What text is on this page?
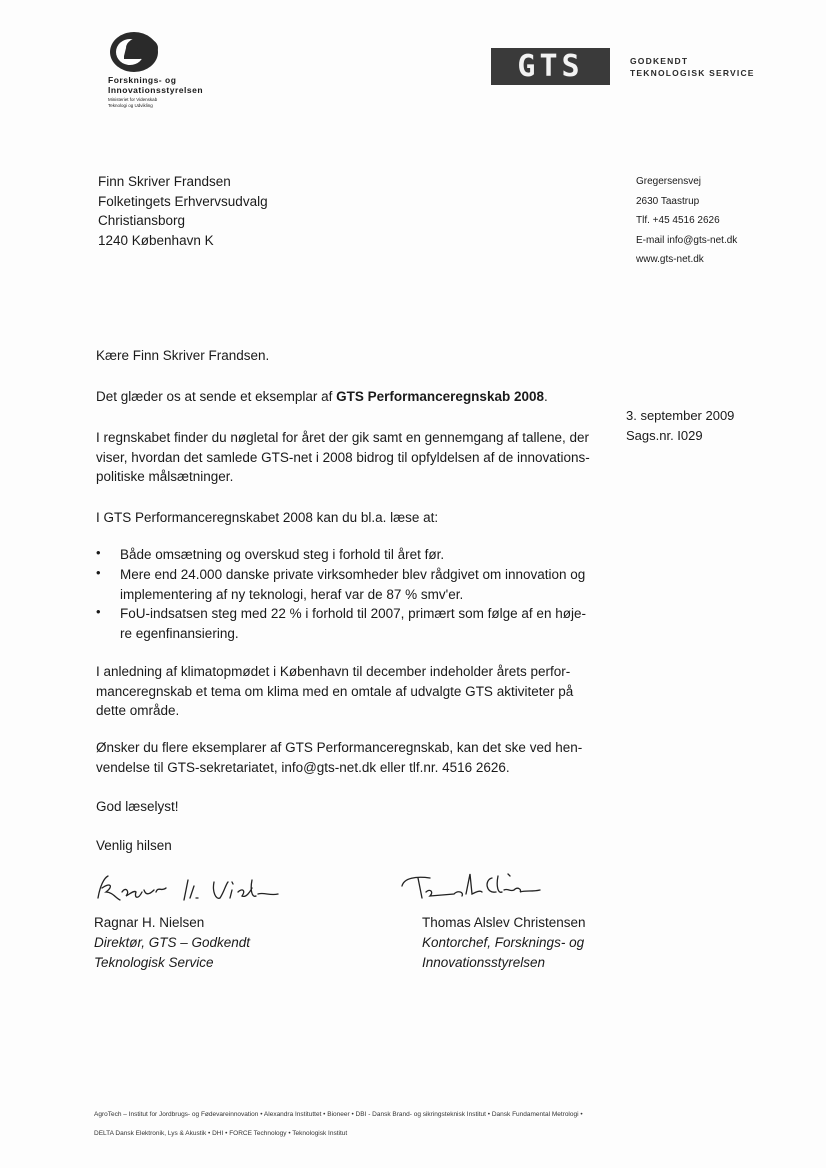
Forsknings- og
Innovationsstyrelsen
Ministeriet for Videnskab
Teknologi og Udvikling
GTS	GODKENDT
TEKNOLOGISK SERVICE
Finn Skriver Frandsen
Folketingets Erhvervsudvalg
Christiansborg
1240 København K
Gregersensvej
2630 Taastrup
Tlf. +45 4516 2626
E-mail info@gts-net.dk
www.gts-net.dk
3. september 2009
Sags.nr. I029
Kære Finn Skriver Frandsen.
Det glæder os at sende et eksemplar af GTS Performanceregnskab 2008.
I regnskabet finder du nøgletal for året der gik samt en gennemgang af tallene, der
viser, hvordan det samlede GTS-net i 2008 bidrog til opfyldelsen af de innovations-
politiske målsætninger.
I GTS Performanceregnskabet 2008 kan du bl.a. læse at:
• Både omsætning og overskud steg i forhold til året før.
• Mere end 24.000 danske private virksomheder blev rådgivet om innovation og
implementering af ny teknologi, heraf var de 87 % smv'er.
• FoU-indsatsen steg med 22 % i forhold til 2007, primært som følge af en høje-
re egenfinansiering.
I anledning af klimatopmødet i København til december indeholder årets perfor-
manceregnskab et tema om klima med en omtale af udvalgte GTS aktiviteter på
dette område.
Ønsker du flere eksemplarer af GTS Performanceregnskab, kan det ske ved hen-
vendelse til GTS-sekretariatet, info@gts-net.dk eller tlf.nr. 4516 2626.
God læselyst!
Venlig hilsen
Ragnar H. Nielsen
Direktør, GTS – Godkendt
Teknologisk Service
Thomas Alslev Christensen
Kontorchef, Forsknings- og
Innovationsstyrelsen
AgroTech – Institut for Jordbrugs- og Fødevareinnovation • Alexandra Instituttet • Bioneer • DBI - Dansk Brand- og sikringsteknisk Institut • Dansk Fundamental Metrologi •
DELTA Dansk Elektronik, Lys & Akustik • DHI • FORCE Technology • Teknologisk Institut
